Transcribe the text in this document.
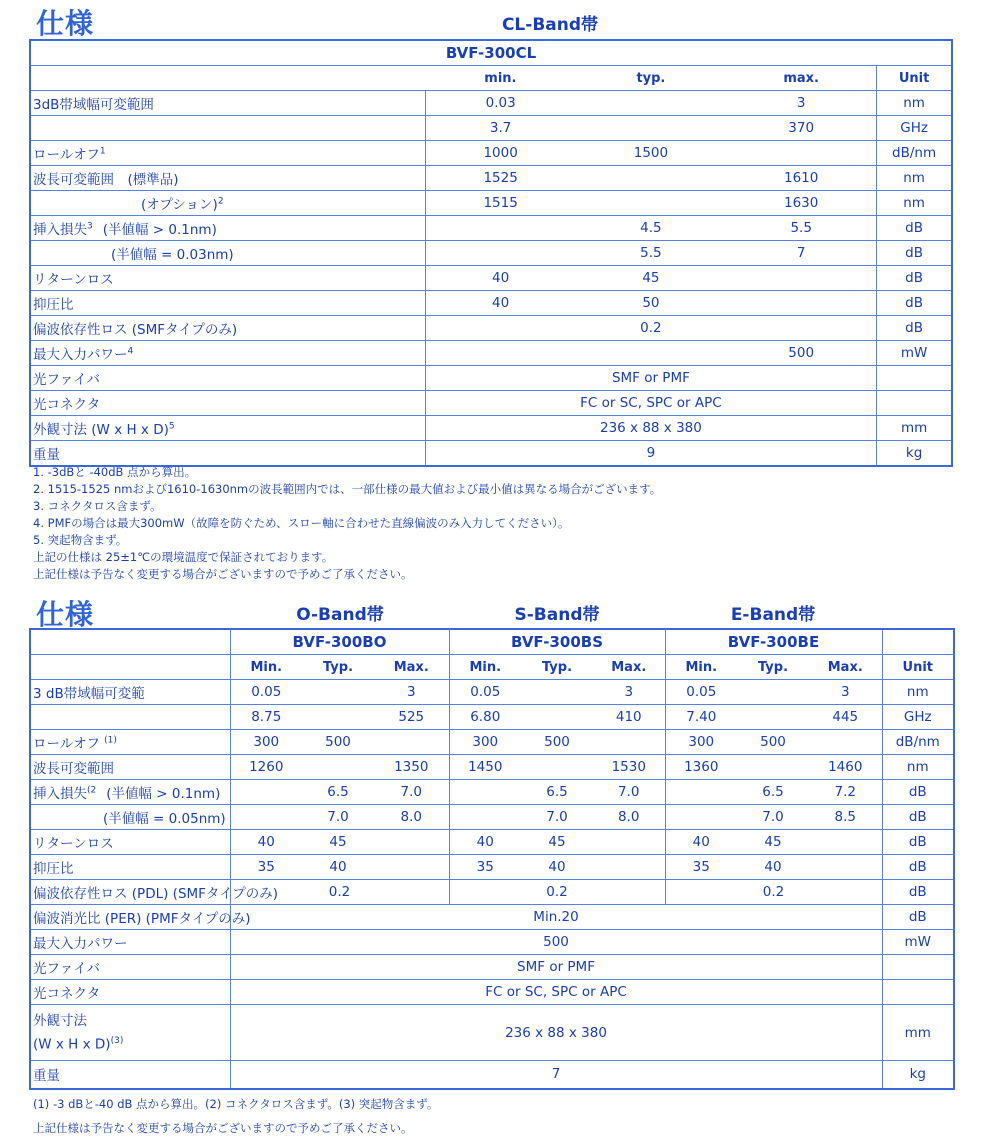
仕様	CL-Band帯
BVF-300CL				
	min.	typ.	max.	Unit
3dB帯域幅可変範囲	0.03		3	nm
	3.7		370	GHz
ロールオフ$^1$	1000	1500		dB/nm
波長可変範囲　(標準品)	1525		1610	nm
(オプション)$^2$	1515		1630	nm
挿入損失$^3$ (半値幅 > 0.1nm)		4.5	5.5	dB
(半値幅 = 0.03nm)		5.5	7	dB
リターンロス	40	45		dB
抑圧比	40	50		dB
偏波依存性ロス (SMFタイプのみ)		0.2		dB
最大入力パワー$^4$			500	mW
光ファイバ	SMF or PMF			
光コネクタ	FC or SC, SPC or APC			
外観寸法 (W x H x D)$^5$	236 x 88 x 380			mm
重量	9			kg
1. -3dBと -40dB 点から算出。
2. 1515-1525 nmおよび1610-1630nmの波長範囲内では、一部仕様の最大値および最小値は異なる場合がございます。
3. コネクタロス含まず。
4. PMFの場合は最大300mW（故障を防ぐため、スロー軸に合わせた直線偏波のみ入力してください）。
5. 突起物含まず。
上記の仕様は 25±1℃の環境温度で保証されております。
上記仕様は予告なく変更する場合がございますので予めご了承ください。
仕様	O-Band帯	S-Band帯	E-Band帯
	BVF-300BO			BVF-300BS			BVF-300BE			
	Min.	Typ.	Max.	Min.	Typ.	Max.	Min.	Typ.	Max.	Unit
3 dB帯域幅可変範	0.05		3	0.05		3	0.05		3	nm
	8.75		525	6.80		410	7.40		445	GHz
ロールオフ $^{(1)}$	300	500		300	500		300	500		dB/nm
波長可変範囲	1260		1350	1450		1530	1360		1460	nm
挿入損失$^{(2}$ (半値幅 > 0.1nm)		6.5	7.0		6.5	7.0		6.5	7.2	dB
(半値幅 = 0.05nm)		7.0	8.0		7.0	8.0		7.0	8.5	dB
リターンロス	40	45		40	45		40	45		dB
抑圧比	35	40		35	40		35	40		dB
偏波依存性ロス (PDL) (SMFタイプのみ)	0.2			0.2			0.2			dB
偏波消光比 (PER) (PMFタイプのみ)	Min.20									dB
最大入力パワー	500									mW
光ファイバ	SMF or PMF									
光コネクタ	FC or SC, SPC or APC									

外観寸法
(W x H x D)$^{(3)}$	236 x 88 x 380									mm
重量	7									kg
(1) -3 dBと-40 dB 点から算出。(2) コネクタロス含まず。(3) 突起物含まず。
上記仕様は予告なく変更する場合がございますので予めご了承ください。
